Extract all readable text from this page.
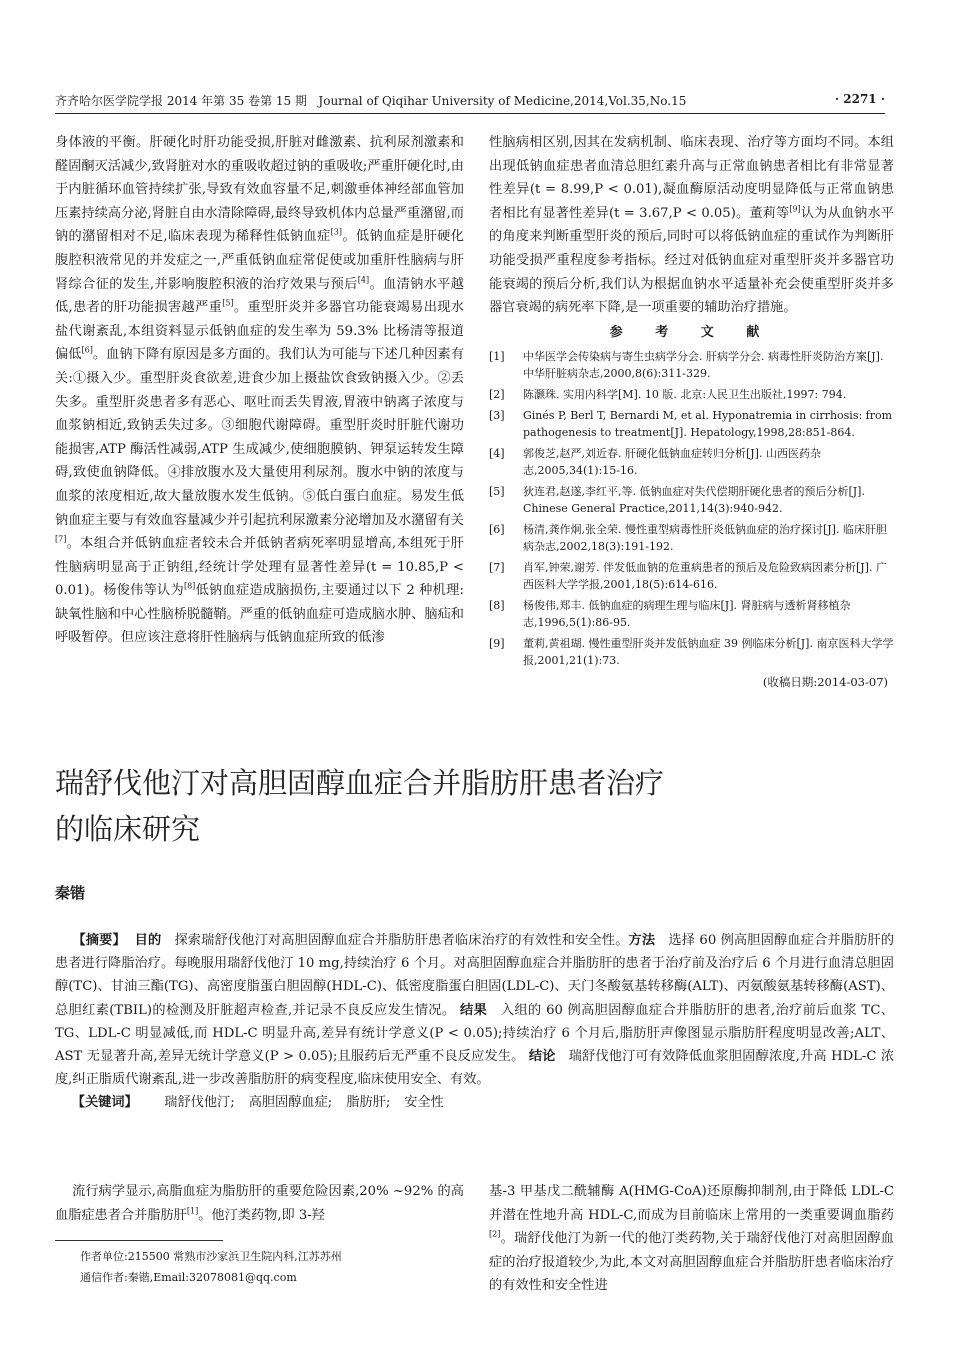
齐齐哈尔医学院学报 2014 年第 35 卷第 15 期 Journal of Qiqihar University of Medicine,2014,Vol.35,No.15	· 2271 ·

身体液的平衡。肝硬化时肝功能受损,肝脏对雌激素、抗利尿剂激素和醛固酮灭活减少,致肾脏对水的重吸收超过钠的重吸收;严重肝硬化时,由于内脏循环血管持续扩张,导致有效血容量不足,刺激垂体神经部血管加压素持续高分泌,肾脏自由水清除障碍,最终导致机体内总量严重潴留,而钠的潴留相对不足,临床表现为稀释性低钠血症[3]。低钠血症是肝硬化腹腔积液常见的并发症之一,严重低钠血症常促使或加重肝性脑病与肝肾综合征的发生,并影响腹腔积液的治疗效果与预后[4]。血清钠水平越低,患者的肝功能损害越严重[5]。重型肝炎并多器官功能衰竭易出现水盐代谢紊乱,本组资料显示低钠血症的发生率为 59.3% 比杨清等报道偏低[6]。血钠下降有原因是多方面的。我们认为可能与下述几种因素有关:①摄入少。重型肝炎食欲差,进食少加上摄盐饮食致钠摄入少。②丢失多。重型肝炎患者多有恶心、呕吐而丢失胃液,胃液中钠离子浓度与血浆钠相近,致钠丢失过多。③细胞代谢障碍。重型肝炎时肝脏代谢功能损害,ATP 酶活性减弱,ATP 生成减少,使细胞膜钠、钾泵运转发生障碍,致使血钠降低。④排放腹水及大量使用利尿剂。腹水中钠的浓度与血浆的浓度相近,故大量放腹水发生低钠。⑤低白蛋白血症。易发生低钠血症主要与有效血容量减少并引起抗利尿激素分泌增加及水潴留有关[7]。本组合并低钠血症者较未合并低钠者病死率明显增高,本组死于肝性脑病明显高于正钠组,经统计学处理有显著性差异(t = 10.85,P < 0.01)。杨俊伟等认为[8]低钠血症造成脑损伤,主要通过以下 2 种机理:缺氧性脑和中心性脑桥脱髓鞘。严重的低钠血症可造成脑水肿、脑疝和呼吸暂停。但应该注意将肝性脑病与低钠血症所致的低渗

性脑病相区别,因其在发病机制、临床表现、治疗等方面均不同。本组出现低钠血症患者血清总胆红素升高与正常血钠患者相比有非常显著性差异(t = 8.99,P < 0.01),凝血酶原活动度明显降低与正常血钠患者相比有显著性差异(t = 3.67,P < 0.05)。董莉等[9]认为从血钠水平的角度来判断重型肝炎的预后,同时可以将低钠血症的重试作为判断肝功能受损严重程度参考指标。经过对低钠血症对重型肝炎并多器官功能衰竭的预后分析,我们认为根据血钠水平适量补充会使重型肝炎并多器官衰竭的病死率下降,是一项重要的辅助治疗措施。

参 考 文 献
[1] 中华医学会传染病与寄生虫病学分会. 肝病学分会. 病毒性肝炎防治方案[J]. 中华肝脏病杂志,2000,8(6):311-329.
[2] 陈灏珠. 实用内科学[M]. 10 版. 北京:人民卫生出版社,1997: 794.
[3] Ginés P, Berl T, Bernardi M, et al. Hyponatremia in cirrhosis: from pathogenesis to treatment[J]. Hepatology,1998,28:851-864.
[4] 郭俊芝,赵严,刘近春. 肝硬化低钠血症转归分析[J]. 山西医药杂志,2005,34(1):15-16.
[5] 狄连君,赵遂,李红平,等. 低钠血症对失代偿期肝硬化患者的预后分析[J]. Chinese General Practice,2011,14(3):940-942.
[6] 杨清,龚作炯,张全荣. 慢性重型病毒性肝炎低钠血症的治疗探讨[J]. 临床肝胆病杂志,2002,18(3):191-192.
[7] 肖军,钟荣,谢芳. 伴发低血钠的危重病患者的预后及危险致病因素分析[J]. 广西医科大学学报,2001,18(5):614-616.
[8] 杨俊伟,郑丰. 低钠血症的病理生理与临床[J]. 肾脏病与透析肾移植杂志,1996,5(1):86-95.
[9] 董莉,黄祖瑚. 慢性重型肝炎并发低钠血症 39 例临床分析[J]. 南京医科大学学报,2001,21(1):73.
(收稿日期:2014-03-07)
瑞舒伐他汀对高胆固醇血症合并脂肪肝患者治疗
的临床研究
秦锴

【摘要】 目的 探索瑞舒伐他汀对高胆固醇血症合并脂肪肝患者临床治疗的有效性和安全性。方法 选择 60 例高胆固醇血症合并脂肪肝的患者进行降脂治疗。每晚服用瑞舒伐他汀 10 mg,持续治疗 6 个月。对高胆固醇血症合并脂肪肝的患者于治疗前及治疗后 6 个月进行血清总胆固醇(TC)、甘油三酯(TG)、高密度脂蛋白胆固醇(HDL-C)、低密度脂蛋白胆固(LDL-C)、天门冬酸氨基转移酶(ALT)、丙氨酸氨基转移酶(AST)、总胆红素(TBIL)的检测及肝脏超声检查,并记录不良反应发生情况。 结果 入组的 60 例高胆固醇血症合并脂肪肝的患者,治疗前后血浆 TC、TG、LDL-C 明显减低,而 HDL-C 明显升高,差异有统计学意义(P < 0.05);持续治疗 6 个月后,脂肪肝声像图显示脂肪肝程度明显改善;ALT、AST 无显著升高,差异无统计学意义(P > 0.05);且服药后无严重不良反应发生。 结论 瑞舒伐他汀可有效降低血浆胆固醇浓度,升高 HDL-C 浓度,纠正脂质代谢紊乱,进一步改善脂肪肝的病变程度,临床使用安全、有效。

【关键词】 瑞舒伐他汀; 高胆固醇血症; 脂肪肝; 安全性

流行病学显示,高脂血症为脂肪肝的重要危险因素,20% ~92% 的高血脂症患者合并脂肪肝[1]。他汀类药物,即 3-羟

基-3 甲基戊二酰辅酶 A(HMG-CoA)还原酶抑制剂,由于降低 LDL-C 并潜在性地升高 HDL-C,而成为目前临床上常用的一类重要调血脂药[2]。瑞舒伐他汀为新一代的他汀类药物,关于瑞舒伐他汀对高胆固醇血症的治疗报道较少,为此,本文对高胆固醇血症合并脂肪肝患者临床治疗的有效性和安全性进

作者单位:215500 常熟市沙家浜卫生院内科,江苏苏州
通信作者:秦锴,Email:32078081@qq.com
